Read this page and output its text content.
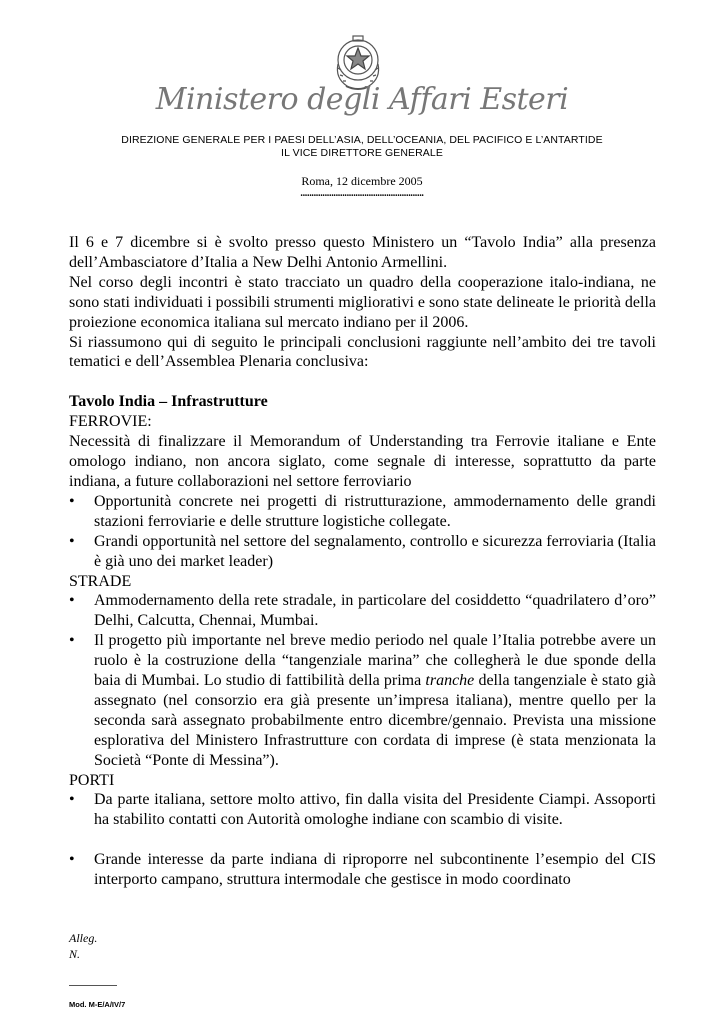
Ministero degli Affari Esteri
DIREZIONE GENERALE PER I PAESI DELL’ASIA, DELL’OCEANIA, DEL PACIFICO E L’ANTARTIDE
IL VICE DIRETTORE GENERALE
Roma, 12 dicembre 2005
........................................................

Il 6 e 7 dicembre si è svolto presso questo Ministero un “Tavolo India” alla presenza dell’Ambasciatore d’Italia a New Delhi Antonio Armellini.

Nel corso degli incontri è stato tracciato un quadro della cooperazione italo-indiana, ne sono stati individuati i possibili strumenti migliorativi e sono state delineate le priorità della proiezione economica italiana sul mercato indiano per il 2006.

Si riassumono qui di seguito le principali conclusioni raggiunte nell’ambito dei tre tavoli tematici e dell’Assemblea Plenaria conclusiva:

Tavolo India – Infrastrutture

FERROVIE:

Necessità di finalizzare il Memorandum of Understanding tra Ferrovie italiane e Ente omologo indiano, non ancora siglato, come segnale di interesse, soprattutto da parte indiana, a future collaborazioni nel settore ferroviario

•	Opportunità concrete nei progetti di ristrutturazione, ammodernamento delle grandi stazioni ferroviarie e delle strutture logistiche collegate.
•	Grandi opportunità nel settore del segnalamento, controllo e sicurezza ferroviaria (Italia è già uno dei market leader)

STRADE

•	Ammodernamento della rete stradale, in particolare del cosiddetto “quadrilatero d’oro” Delhi, Calcutta, Chennai, Mumbai.
•	Il progetto più importante nel breve medio periodo nel quale l’Italia potrebbe avere un ruolo è la costruzione della “tangenziale marina” che collegherà le due sponde della baia di Mumbai. Lo studio di fattibilità della prima tranche della tangenziale è stato già assegnato (nel consorzio era già presente un’impresa italiana), mentre quello per la seconda sarà assegnato probabilmente entro dicembre/gennaio. Prevista una missione esplorativa del Ministero Infrastrutture con cordata di imprese (è stata menzionata la Società “Ponte di Messina”).

PORTI

•	Da parte italiana, settore molto attivo, fin dalla visita del Presidente Ciampi. Assoporti ha stabilito contatti con Autorità omologhe indiane con scambio di visite.
•	Grande interesse da parte indiana di riproporre nel subcontinente l’esempio del CIS interporto campano, struttura intermodale che gestisce in modo coordinato
Alleg.
N.
Mod. M-E/A/IV/7
